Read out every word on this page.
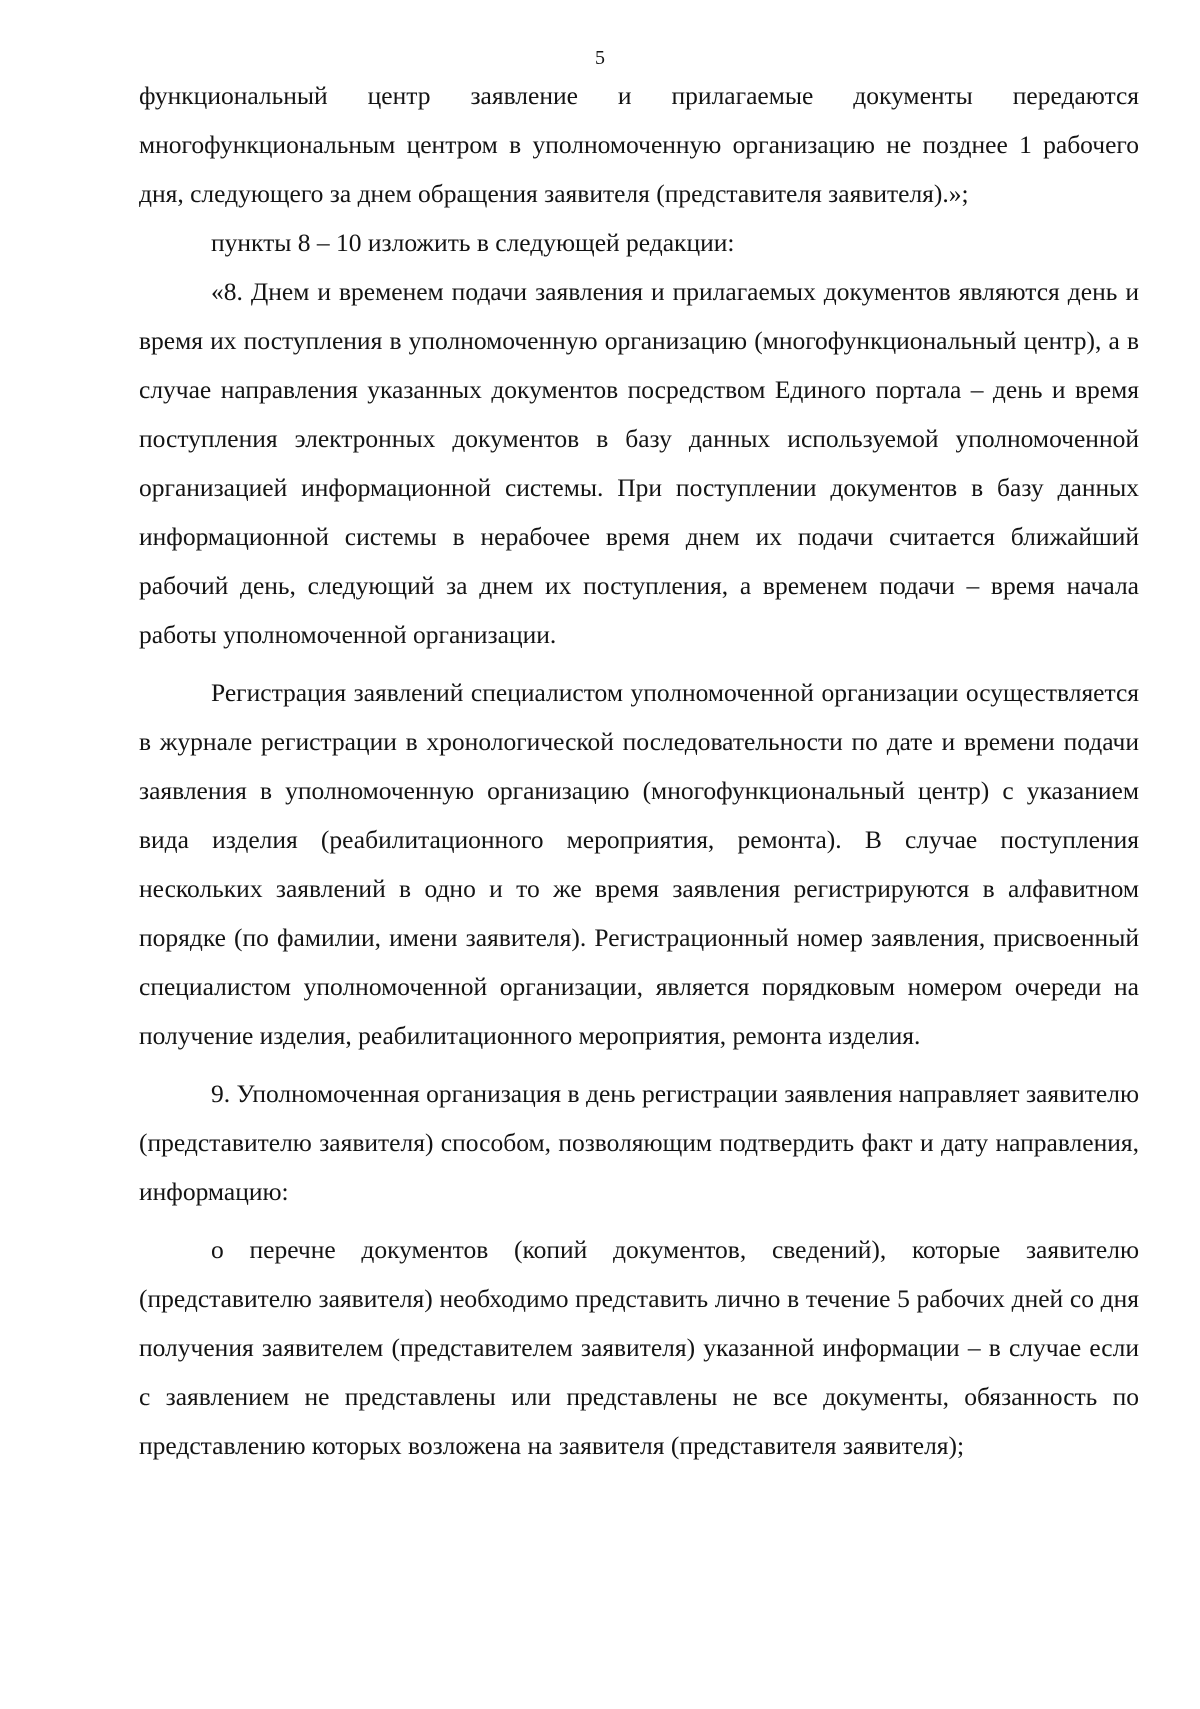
5

функциональный центр заявление и прилагаемые документы передаются многофункциональным центром в уполномоченную организацию не позднее 1 рабочего дня, следующего за днем обращения заявителя (представителя заявителя).»;

пункты 8 – 10 изложить в следующей редакции:

«8. Днем и временем подачи заявления и прилагаемых документов являются день и время их поступления в уполномоченную организацию (многофункциональный центр), а в случае направления указанных документов посредством Единого портала – день и время поступления электронных документов в базу данных используемой уполномоченной организацией информационной системы. При поступлении документов в базу данных информационной системы в нерабочее время днем их подачи считается ближайший рабочий день, следующий за днем их поступления, а временем подачи – время начала работы уполномоченной организации.

Регистрация заявлений специалистом уполномоченной организации осуществляется в журнале регистрации в хронологической последовательности по дате и времени подачи заявления в уполномоченную организацию (многофункциональный центр) с указанием вида изделия (реабилитационного мероприятия, ремонта). В случае поступления нескольких заявлений в одно и то же время заявления регистрируются в алфавитном порядке (по фамилии, имени заявителя). Регистрационный номер заявления, присвоенный специалистом уполномоченной организации, является порядковым номером очереди на получение изделия, реабилитационного мероприятия, ремонта изделия.

9. Уполномоченная организация в день регистрации заявления направляет заявителю (представителю заявителя) способом, позволяющим подтвердить факт и дату направления, информацию:

о перечне документов (копий документов, сведений), которые заявителю (представителю заявителя) необходимо представить лично в течение 5 рабочих дней со дня получения заявителем (представителем заявителя) указанной информации – в случае если с заявлением не представлены или представлены не все документы, обязанность по представлению которых возложена на заявителя (представителя заявителя);
